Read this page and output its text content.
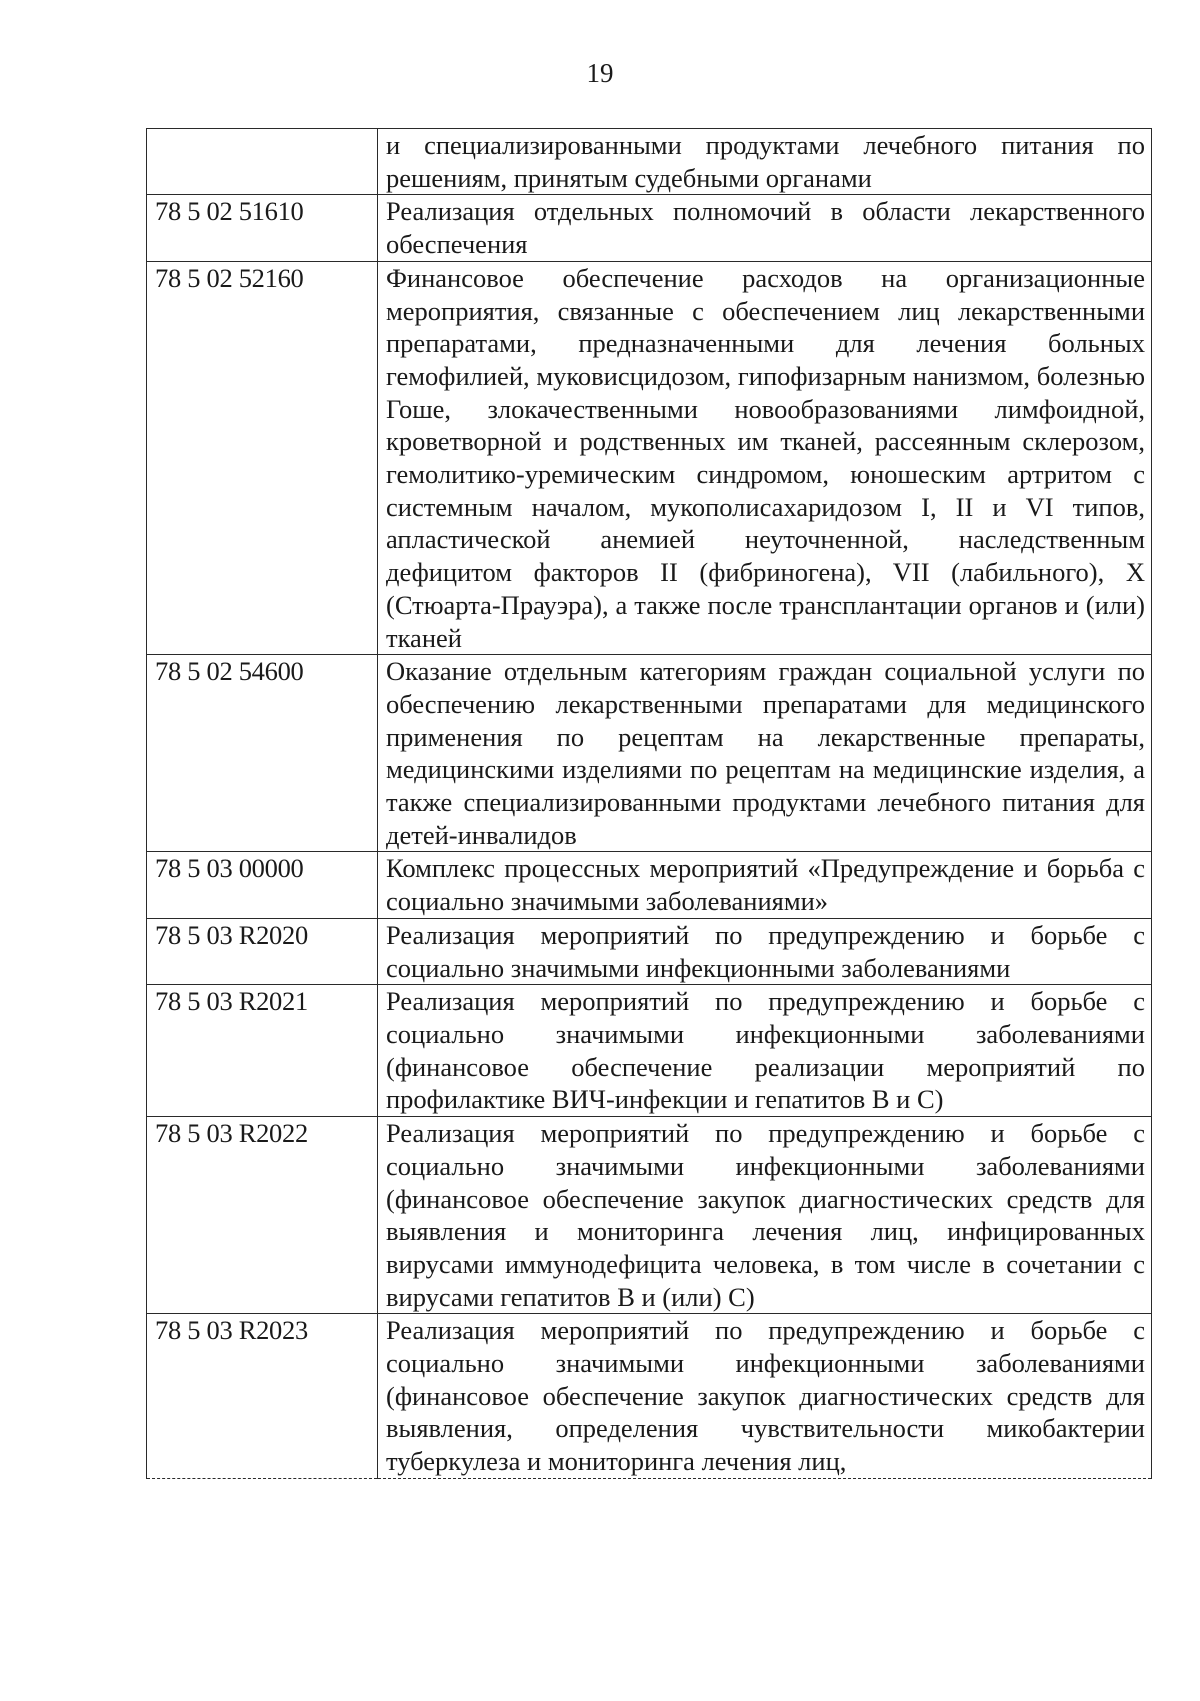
19
	и специализированными продуктами лечебного питания по решениям, принятым судебными органами
78 5 02 51610	Реализация отдельных полномочий в области лекарственного обеспечения
78 5 02 52160	Финансовое обеспечение расходов на организационные мероприятия, связанные с обеспечением лиц лекарственными препаратами, предназначенными для лечения больных гемофилией, муковисцидозом, гипофизарным нанизмом, болезнью Гоше, злокачественными новообразованиями лимфоидной, кроветворной и родственных им тканей, рассеянным склерозом, гемолитико-уремическим синдромом, юношеским артритом с системным началом, мукополисахаридозом I, II и VI типов, апластической анемией неуточненной, наследственным дефицитом факторов II (фибриногена), VII (лабильного), X (Стюарта-Прауэра), а также после трансплантации органов и (или) тканей
78 5 02 54600	Оказание отдельным категориям граждан социальной услуги по обеспечению лекарственными препаратами для медицинского применения по рецептам на лекарственные препараты, медицинскими изделиями по рецептам на медицинские изделия, а также специализированными продуктами лечебного питания для детей-инвалидов
78 5 03 00000	Комплекс процессных мероприятий «Предупреждение и борьба с социально значимыми заболеваниями»
78 5 03 R2020	Реализация мероприятий по предупреждению и борьбе с социально значимыми инфекционными заболеваниями
78 5 03 R2021	Реализация мероприятий по предупреждению и борьбе с социально значимыми инфекционными заболеваниями (финансовое обеспечение реализации мероприятий по профилактике ВИЧ-инфекции и гепатитов B и C)
78 5 03 R2022	Реализация мероприятий по предупреждению и борьбе с социально значимыми инфекционными заболеваниями (финансовое обеспечение закупок диагностических средств для выявления и мониторинга лечения лиц, инфицированных вирусами иммунодефицита человека, в том числе в сочетании с вирусами гепатитов B и (или) C)
78 5 03 R2023	Реализация мероприятий по предупреждению и борьбе с социально значимыми инфекционными заболеваниями (финансовое обеспечение закупок диагностических средств для выявления, определения чувствительности микобактерии туберкулеза и мониторинга лечения лиц,
